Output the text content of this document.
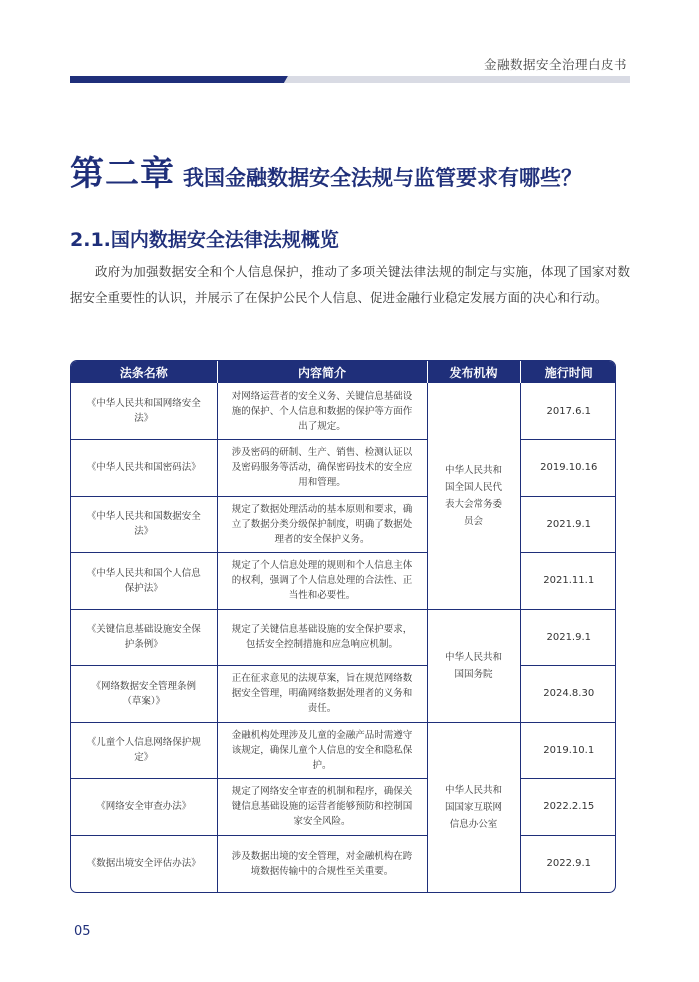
金融数据安全治理白皮书
第二章 我国金融数据安全法规与监管要求有哪些？
2.1.国内数据安全法律法规概览

政府为加强数据安全和个人信息保护，推动了多项关键法律法规的制定与实施，体现了国家对数据安全重要性的认识，并展示了在保护公民个人信息、促进金融行业稳定发展方面的决心和行动。

法条名称	内容简介	发布机构	施行时间
《中华人民共和国网络安全法》	对网络运营者的安全义务、关键信息基础设施的保护、个人信息和数据的保护等方面作出了规定。	中华人民共和国全国人民代表大会常务委员会	2017.6.1
《中华人民共和国密码法》	涉及密码的研制、生产、销售、检测认证以及密码服务等活动，确保密码技术的安全应用和管理。		2019.10.16
《中华人民共和国数据安全法》	规定了数据处理活动的基本原则和要求，确立了数据分类分级保护制度，明确了数据处理者的安全保护义务。		2021.9.1
《中华人民共和国个人信息保护法》	规定了个人信息处理的规则和个人信息主体的权利，强调了个人信息处理的合法性、正当性和必要性。		2021.11.1
《关键信息基础设施安全保护条例》	规定了关键信息基础设施的安全保护要求，包括安全控制措施和应急响应机制。	中华人民共和国国务院	2021.9.1
《网络数据安全管理条例（草案）》	正在征求意见的法规草案，旨在规范网络数据安全管理，明确网络数据处理者的义务和责任。		2024.8.30
《儿童个人信息网络保护规定》	金融机构处理涉及儿童的金融产品时需遵守该规定，确保儿童个人信息的安全和隐私保护。	中华人民共和国国家互联网信息办公室	2019.10.1
《网络安全审查办法》	规定了网络安全审查的机制和程序，确保关键信息基础设施的运营者能够预防和控制国家安全风险。		2022.2.15
《数据出境安全评估办法》	涉及数据出境的安全管理，对金融机构在跨境数据传输中的合规性至关重要。		2022.9.1
05
